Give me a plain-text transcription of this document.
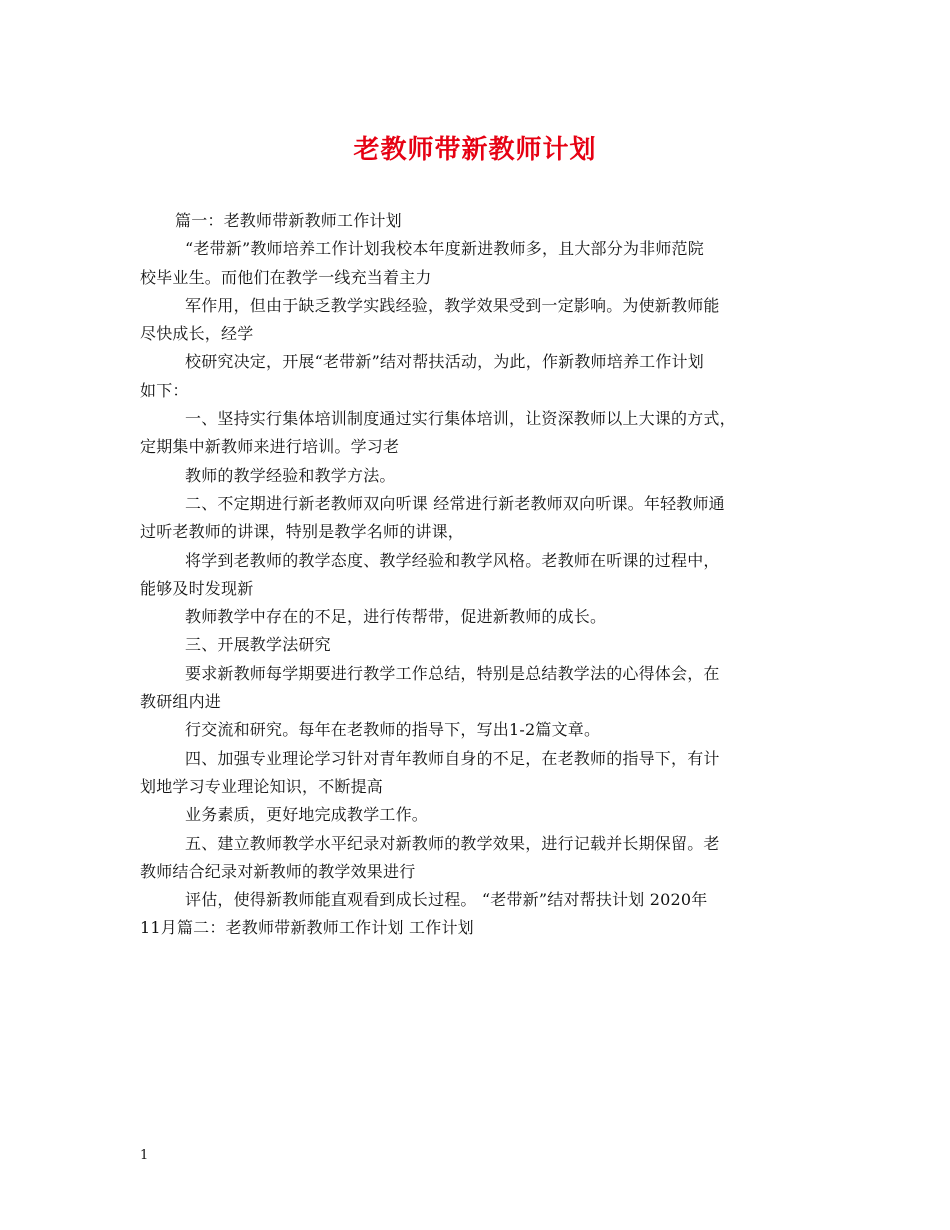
老教师带新教师计划
篇一：老教师带新教师工作计划
“老带新”教师培养工作计划我校本年度新进教师多，且大部分为非师范院
校毕业生。而他们在教学一线充当着主力
军作用，但由于缺乏教学实践经验，教学效果受到一定影响。为使新教师能
尽快成长，经学
校研究决定，开展“老带新”结对帮扶活动，为此，作新教师培养工作计划
如下：
一、坚持实行集体培训制度通过实行集体培训，让资深教师以上大课的方式，
定期集中新教师来进行培训。学习老
教师的教学经验和教学方法。
二、不定期进行新老教师双向听课 经常进行新老教师双向听课。年轻教师通
过听老教师的讲课，特别是教学名师的讲课，
将学到老教师的教学态度、教学经验和教学风格。老教师在听课的过程中，
能够及时发现新
教师教学中存在的不足，进行传帮带，促进新教师的成长。
三、开展教学法研究
要求新教师每学期要进行教学工作总结，特别是总结教学法的心得体会，在
教研组内进
行交流和研究。每年在老教师的指导下，写出1-2篇文章。
四、加强专业理论学习针对青年教师自身的不足，在老教师的指导下，有计
划地学习专业理论知识，不断提高
业务素质，更好地完成教学工作。
五、建立教师教学水平纪录对新教师的教学效果，进行记载并长期保留。老
教师结合纪录对新教师的教学效果进行
评估，使得新教师能直观看到成长过程。 “老带新”结对帮扶计划 2020年
11月篇二：老教师带新教师工作计划 工作计划
1
